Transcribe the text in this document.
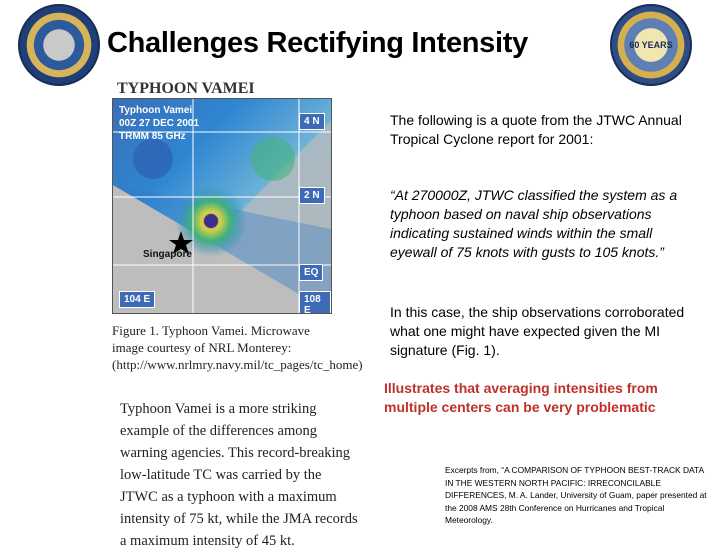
60 YEARS
Challenges Rectifying Intensity
TYPHOON VAMEI
Typhoon Vamei
00Z 27 DEC 2001
TRMM 85 GHz
4 N
2 N
EQ
104 E	108 E
Singapore
Figure 1. Typhoon Vamei. Microwave image courtesy of NRL Monterey: (http://www.nrlmry.navy.mil/tc_pages/tc_home)
Typhoon Vamei is a more striking example of the differences among warning agencies. This record-breaking low-latitude TC was carried by the JTWC as a typhoon with a maximum intensity of 75 kt, while the JMA records a maximum intensity of 45 kt.
The following is a quote from the JTWC Annual Tropical Cyclone report for 2001:
“At 270000Z, JTWC classified the system as a typhoon based on naval ship observations indicating sustained winds within the small eyewall of 75 knots with gusts to 105 knots.”
In this case, the ship observations corroborated what one might have expected given the MI signature (Fig. 1).
Illustrates that averaging intensities from multiple centers can be very problematic
Excerpts from, “A COMPARISON OF TYPHOON BEST-TRACK DATA IN THE WESTERN NORTH PACIFIC: IRRECONCILABLE DIFFERENCES, M. A. Lander, University of Guam, paper presented at the 2008 AMS 28th Conference on Hurricanes and Tropical Meteorology.
